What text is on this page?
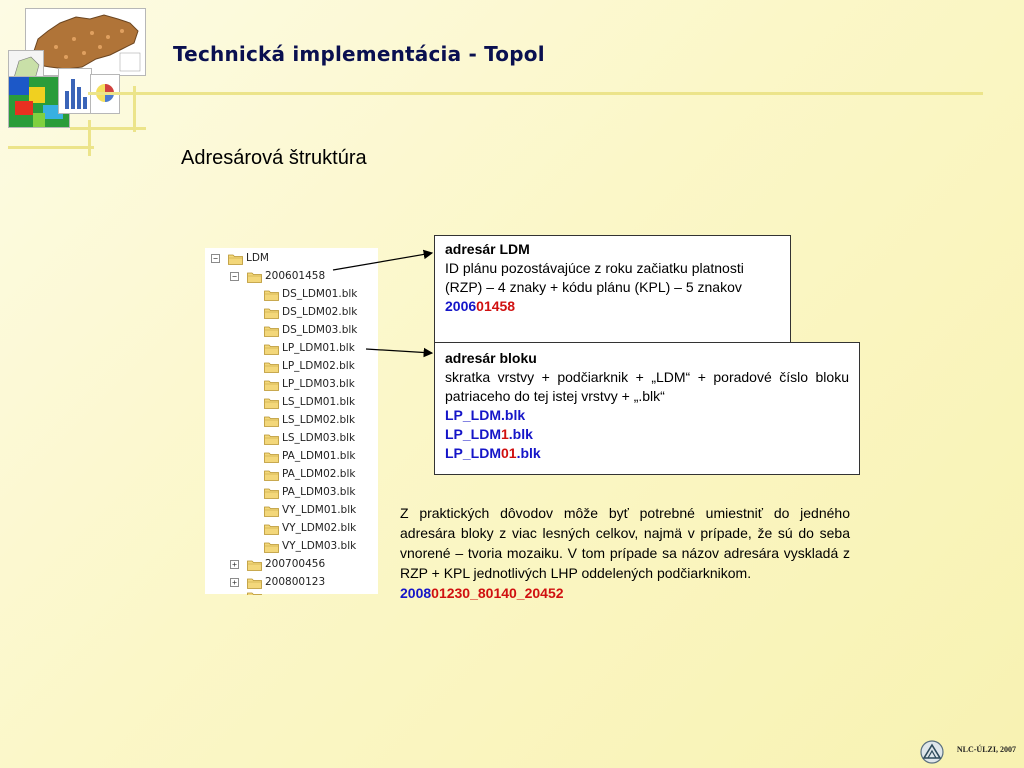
Technická implementácia - Topol
Adresárová štruktúra
−	LDM
−	200601458
DS_LDM01.blk
DS_LDM02.blk
DS_LDM03.blk
LP_LDM01.blk
LP_LDM02.blk
LP_LDM03.blk
LS_LDM01.blk
LS_LDM02.blk
LS_LDM03.blk
PA_LDM01.blk
PA_LDM02.blk
PA_LDM03.blk
VY_LDM01.blk
VY_LDM02.blk
VY_LDM03.blk
+	200700456
+	200800123
adresár LDM
ID plánu pozostávajúce z roku začiatku platnosti (RZP) – 4 znaky + kódu plánu (KPL) – 5 znakov
200601458
adresár bloku
skratka vrstvy + podčiarknik + „LDM“ + poradové číslo bloku patriaceho do tej istej vrstvy + „.blk“
LP_LDM.blk
LP_LDM1.blk
LP_LDM01.blk
Z praktických dôvodov môže byť potrebné umiestniť do jedného adresára bloky z viac lesných celkov, najmä v prípade, že sú do seba vnorené – tvoria mozaiku. V tom prípade sa názov adresára vyskladá z RZP + KPL jednotlivých LHP oddelených podčiarknikom.
200801230_80140_20452
NLC-ÚLZI, 2007
